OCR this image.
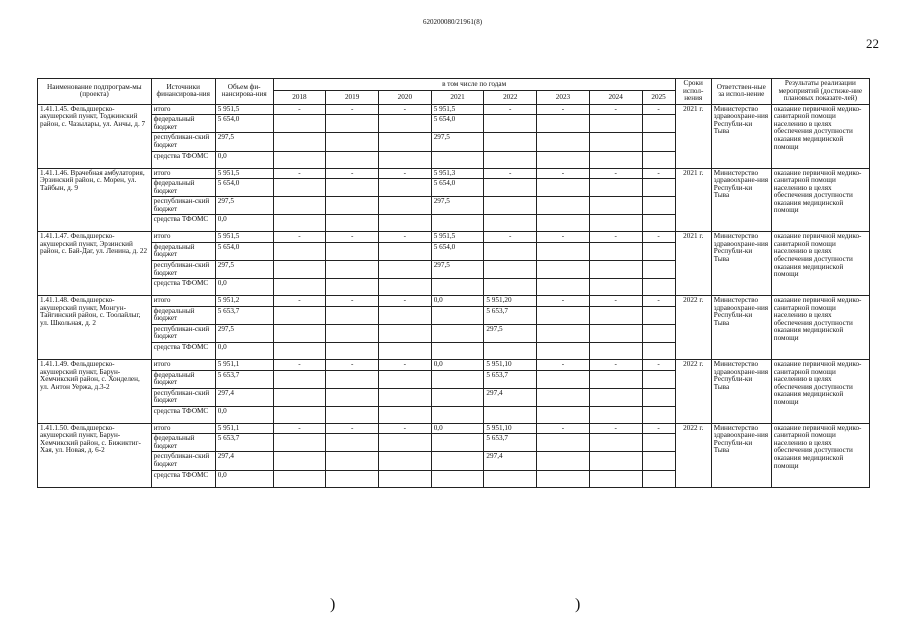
620200080/21961(8)
22
Наименование подпрограм-мы (проекта)	Источники финансирова-ния	Объем фи-нансирова-ния	в том числе по годам								Сроки испол-нения	Ответствен-ные за испол-нение	Результаты реализации мероприятий (достиже-ние плановых показате-лей)
			2018	2019	2020	2021	2022	2023	2024	2025			
1.41.1.45. Фельдшерско-акушерский пункт, Тоджинский район, с. Чазылары, ул. Анчы, д. 7	итого	5 951,5	-	-	-	5 951,5	-	-	-	-	2021 г.	Министерство здравоохране-ния Республи-ки Тыва	оказание первичной медико-санитарной помощи населению в целях обеспечения доступности оказания медицинской помощи
	федеральный бюджет	5 654,0				5 654,0							
	республикан-ский бюджет	297,5				297,5							
	средства ТФОМС	0,0											
1.41.1.46. Врачебная амбулатория, Эрзинский район, с. Морен, ул. Тайбын, д. 9	итого	5 951,5	-	-	-	5 951,3	-	-	-	-	2021 г.	Министерство здравоохране-ния Республи-ки Тыва	оказание первичной медико-санитарной помощи населению в целях обеспечения доступности оказания медицинской помощи
	федеральный бюджет	5 654,0				5 654,0							
	республикан-ский бюджет	297,5				297,5							
	средства ТФОМС	0,0											
1.41.1.47. Фельдшерско-акушерский пункт, Эрзинский район, с. Бай-Даг, ул. Ленина, д. 22	итого	5 951,5	-	-	-	5 951,5	-	-	-	-	2021 г.	Министерство здравоохране-ния Республи-ки Тыва	оказание первичной медико-санитарной помощи населению в целях обеспечения доступности оказания медицинской помощи
	федеральный бюджет	5 654,0				5 654,0							
	республикан-ский бюджет	297,5				297,5							
	средства ТФОМС	0,0											
1.41.1.48. Фельдшерско-акушерский пункт, Монгун-Тайгинский район, с. Тоолайлыг, ул. Школьная, д. 2	итого	5 951,2	-	-	-	0,0	5 951,20	-	-	-	2022 г.	Министерство здравоохране-ния Республи-ки Тыва	оказание первичной медико-санитарной помощи населению в целях обеспечения доступности оказания медицинской помощи
	федеральный бюджет	5 653,7					5 653,7						
	республикан-ский бюджет	297,5					297,5						
	средства ТФОМС	0,0											
1.41.1.49. Фельдшерско-акушерский пункт, Барун-Хемчикский район, с. Хонделен, ул. Антон Уержа, д.3-2	итого	5 951,1	-	-	-	0,0	5 951,10	-	-	-	2022 г.	Министерство здравоохране-ния Республи-ки Тыва	оказание первичной медико-санитарной помощи населению в целях обеспечения доступности оказания медицинской помощи
	федеральный бюджет	5 653,7					5 653,7						
	республикан-ский бюджет	297,4					297,4						
	средства ТФОМС	0,0											
1.41.1.50. Фельдшерско-акушерский пункт, Барун-Хемчикский район, с. Бижиктиг-Хая, ул. Новая, д. 6-2	итого	5 951,1	-	-	-	0,0	5 951,10	-	-	-	2022 г.	Министерство здравоохране-ния Республи-ки Тыва	оказание первичной медико-санитарной помощи населению в целях обеспечения доступности оказания медицинской помощи
	федеральный бюджет	5 653,7					5 653,7						
	республикан-ский бюджет	297,4					297,4						
	средства ТФОМС	0,0											
)	)
